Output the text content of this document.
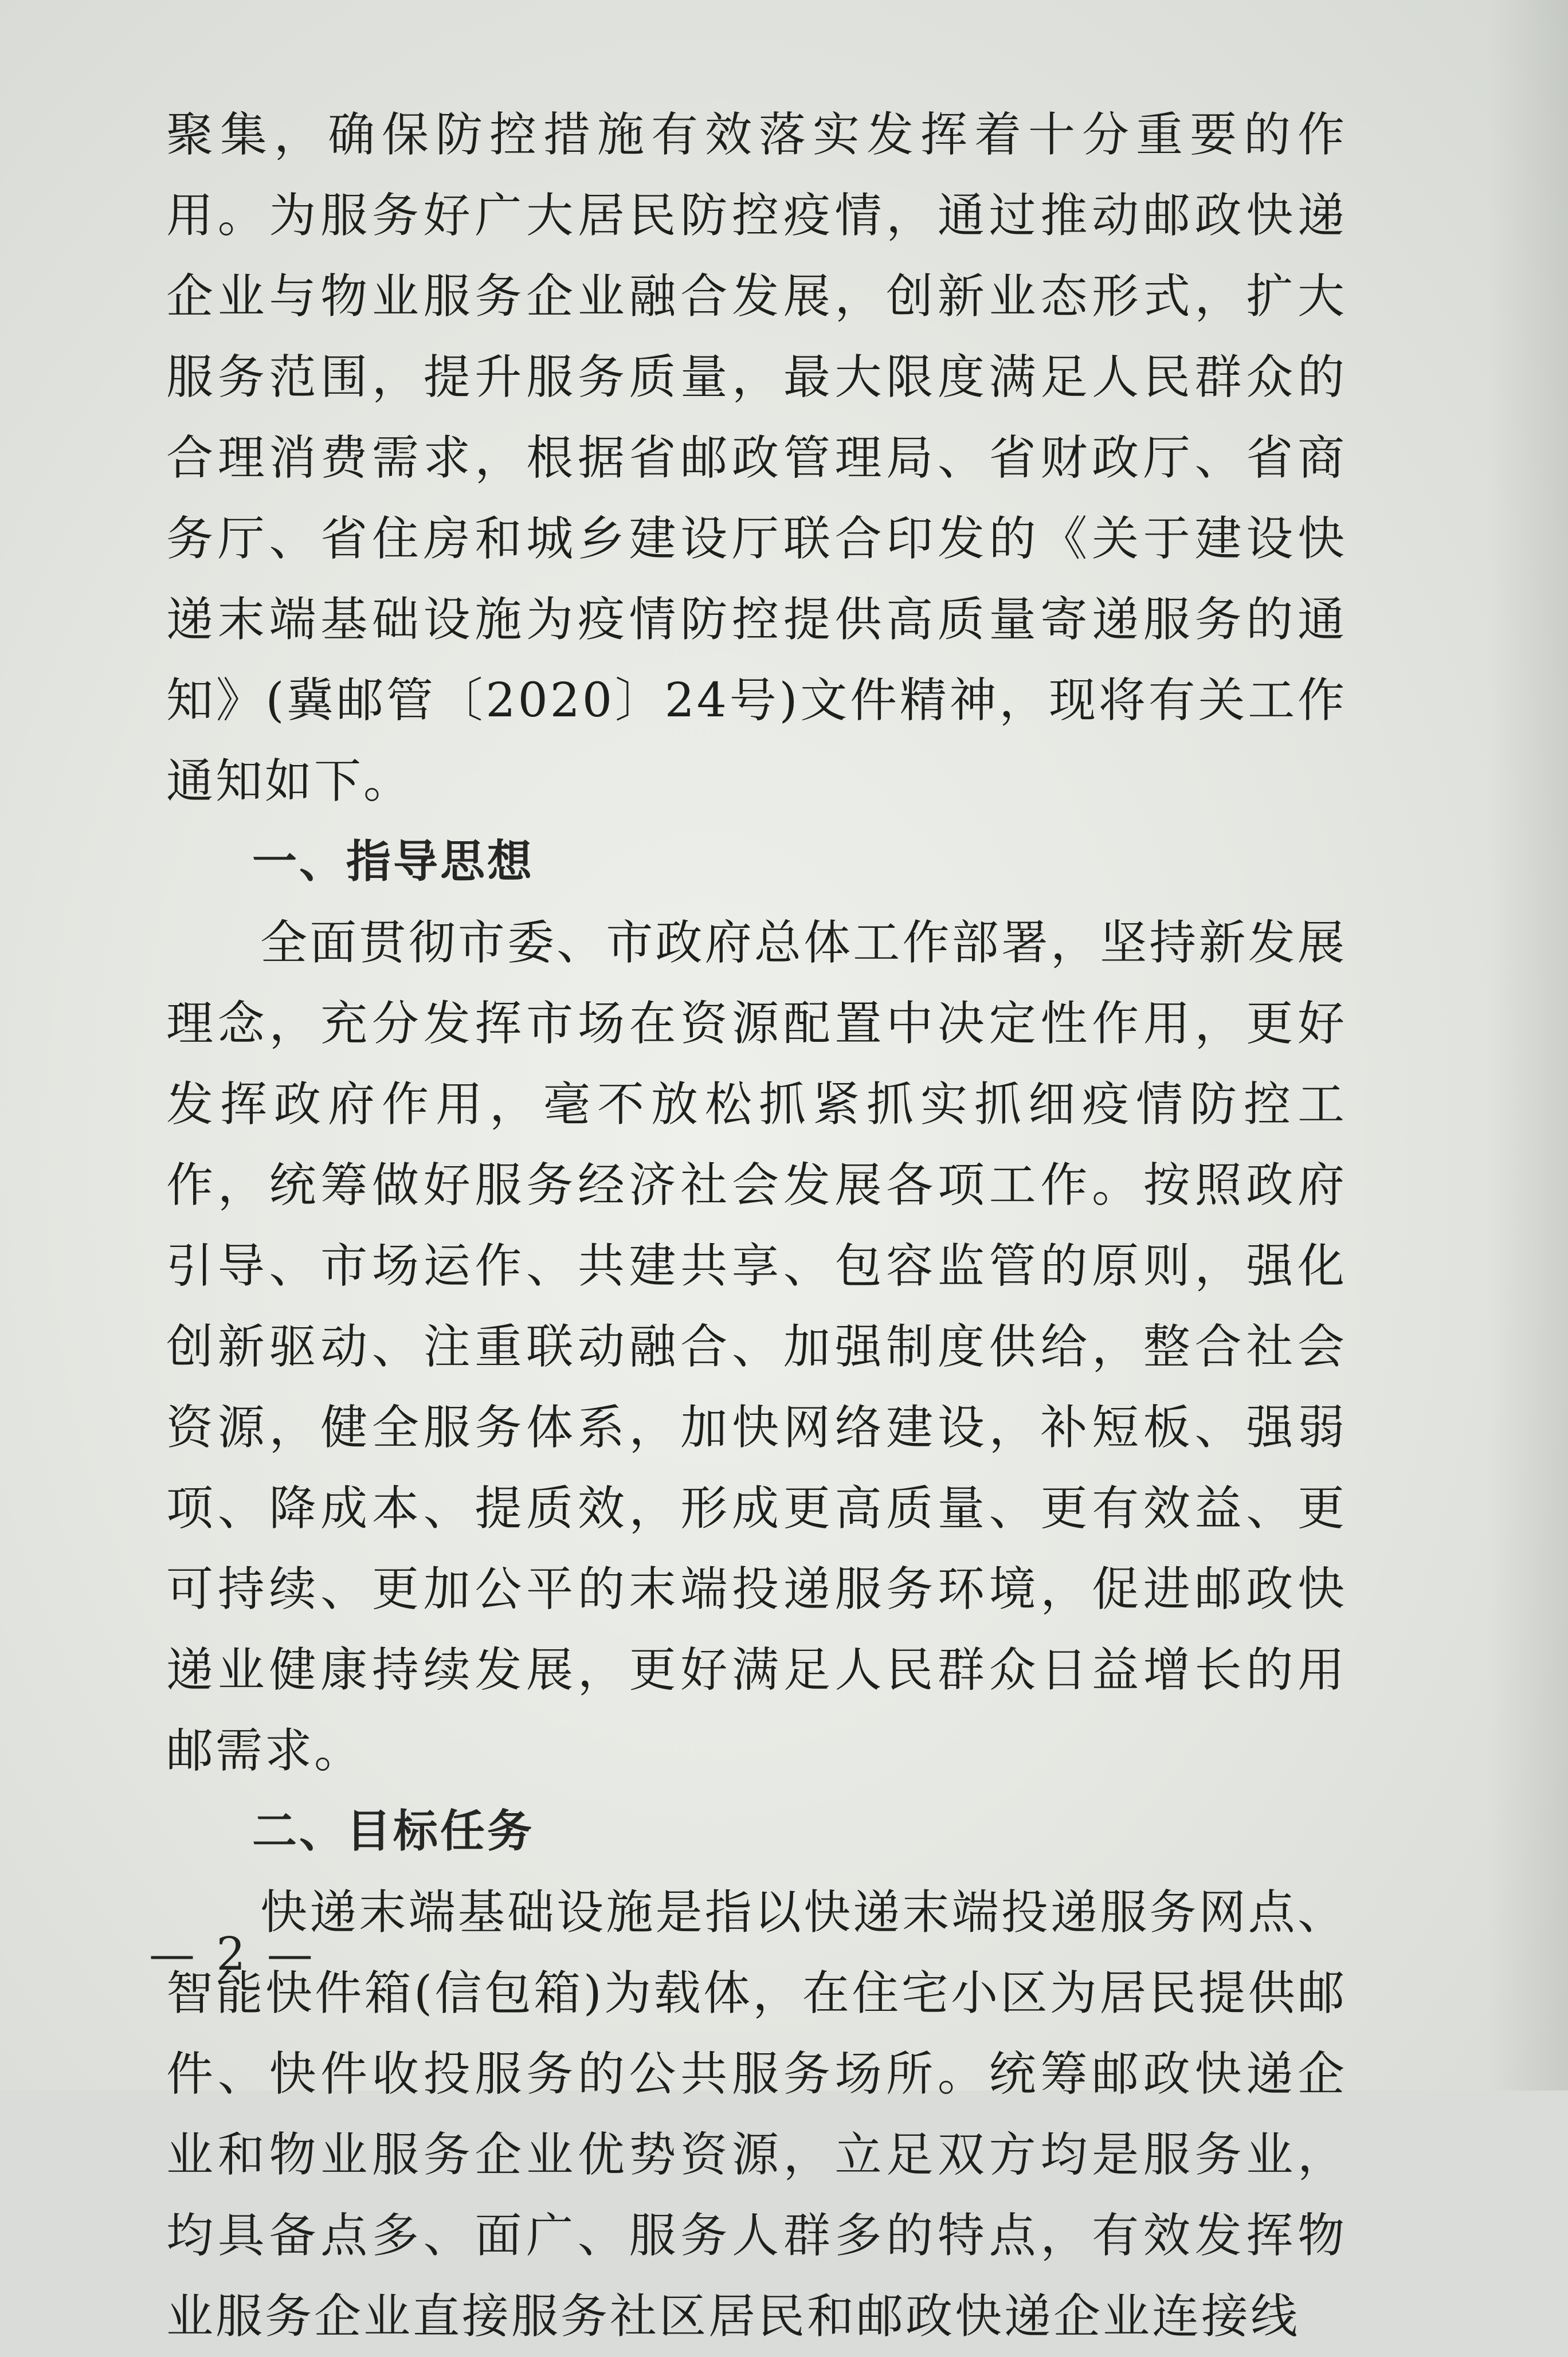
聚集，确保防控措施有效落实发挥着十分重要的作用。为服务好广大居民防控疫情，通过推动邮政快递企业与物业服务企业融合发展，创新业态形式，扩大服务范围，提升服务质量，最大限度满足人民群众的合理消费需求，根据省邮政管理局、省财政厅、省商务厅、省住房和城乡建设厅联合印发的《关于建设快递末端基础设施为疫情防控提供高质量寄递服务的通知》(冀邮管〔2020〕24号)文件精神，现将有关工作通知如下。

一、指导思想

全面贯彻市委、市政府总体工作部署，坚持新发展理念，充分发挥市场在资源配置中决定性作用，更好发挥政府作用，毫不放松抓紧抓实抓细疫情防控工作，统筹做好服务经济社会发展各项工作。按照政府引导、市场运作、共建共享、包容监管的原则，强化创新驱动、注重联动融合、加强制度供给，整合社会资源，健全服务体系，加快网络建设，补短板、强弱项、降成本、提质效，形成更高质量、更有效益、更可持续、更加公平的末端投递服务环境，促进邮政快递业健康持续发展，更好满足人民群众日益增长的用邮需求。

二、目标任务

快递末端基础设施是指以快递末端投递服务网点、智能快件箱(信包箱)为载体，在住宅小区为居民提供邮件、快件收投服务的公共服务场所。统筹邮政快递企业和物业服务企业优势资源，立足双方均是服务业，均具备点多、面广、服务人群多的特点，有效发挥物业服务企业直接服务社区居民和邮政快递企业连接线

— 2 —
